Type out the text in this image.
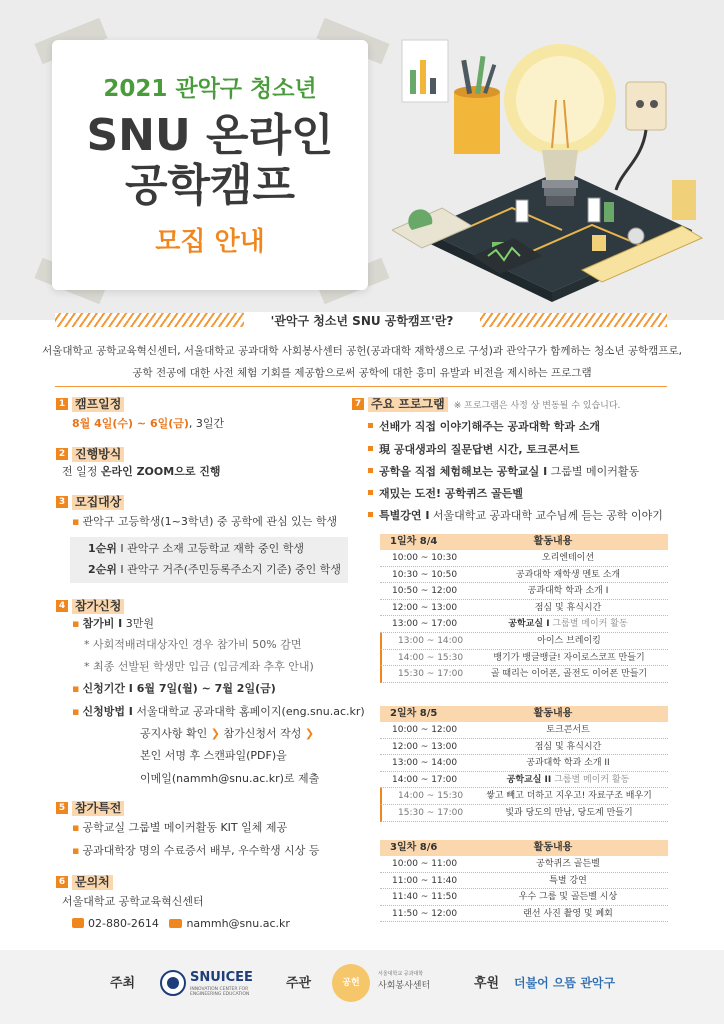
2021 관악구 청소년
SNU 온라인
공학캠프
모집 안내
'관악구 청소년 SNU 공학캠프'란?
서울대학교 공학교육혁신센터, 서울대학교 공과대학 사회봉사센터 공헌(공과대학 재학생으로 구성)과 관악구가 함께하는 청소년 공학캠프로,
공학 전공에 대한 사전 체험 기회를 제공함으로써 공학에 대한 흥미 유발과 비전을 제시하는 프로그램
1 캠프일정
8월 4일(수) ~ 6일(금), 3일간
2 진행방식
전 일정 온라인 ZOOM으로 진행
3 모집대상
▪ 관악구 고등학생(1~3학년) 중 공학에 관심 있는 학생
1순위 I 관악구 소재 고등학교 재학 중인 학생
2순위 I 관악구 거주(주민등록주소지 기준) 중인 학생
4 참가신청
▪ 참가비 I 3만원
* 사회적배려대상자인 경우 참가비 50% 감면
* 최종 선발된 학생만 입금 (입금계좌 추후 안내)
▪ 신청기간 I 6월 7일(월) ~ 7월 2일(금)
▪ 신청방법 I 서울대학교 공과대학 홈페이지(eng.snu.ac.kr)
공지사항 확인 ❯ 참가신청서 작성 ❯
본인 서명 후 스캔파일(PDF)을
이메일(nammh@snu.ac.kr)로 제출
5 참가특전
▪ 공학교실 그룹별 메이커활동 KIT 일체 제공
▪ 공과대학장 명의 수료증서 배부, 우수학생 시상 등
6 문의처
서울대학교 공학교육혁신센터
02-880-2614	nammh@snu.ac.kr
7 주요 프로그램	※ 프로그램은 사정 상 변동될 수 있습니다.
선배가 직접 이야기해주는 공과대학 학과 소개
現 공대생과의 질문답변 시간, 토크콘서트
공학을 직접 체험해보는 공학교실 I 그룹별 메이커활동
재밌는 도전! 공학퀴즈 골든벨
특별강연 I 서울대학교 공과대학 교수님께 듣는 공학 이야기
1일차 8/4	활동내용
10:00 ~ 10:30	오리엔테이션
10:30 ~ 10:50	공과대학 재학생 멘토 소개
10:50 ~ 12:00	공과대학 학과 소개 I
12:00 ~ 13:00	점심 및 휴식시간
13:00 ~ 17:00	공학교실 I 그룹별 메이커 활동
13:00 ~ 14:00	아이스 브레이킹
14:00 ~ 15:30	뱅기가 뱅글뱅글! 자이로스코프 만들기
15:30 ~ 17:00	골 때리는 이어폰, 골전도 이어폰 만들기
2일차 8/5	활동내용
10:00 ~ 12:00	토크콘서트
12:00 ~ 13:00	점심 및 휴식시간
13:00 ~ 14:00	공과대학 학과 소개 II
14:00 ~ 17:00	공학교실 II 그룹별 메이커 활동
14:00 ~ 15:30	쌓고 빼고 더하고 지우고! 자료구조 배우기
15:30 ~ 17:00	빛과 당도의 만남, 당도계 만들기
3일차 8/6	활동내용
10:00 ~ 11:00	공학퀴즈 골든벨
11:00 ~ 11:40	특별 강연
11:40 ~ 11:50	우수 그룹 및 골든벨 시상
11:50 ~ 12:00	랜선 사진 촬영 및 폐회
주최	SNUICEE
INNOVATION CENTER FOR ENGINEERING EDUCATION
주관	공헌
서울대학교 공과대학
사회봉사센터	후원 더불어 으뜸 관악구
